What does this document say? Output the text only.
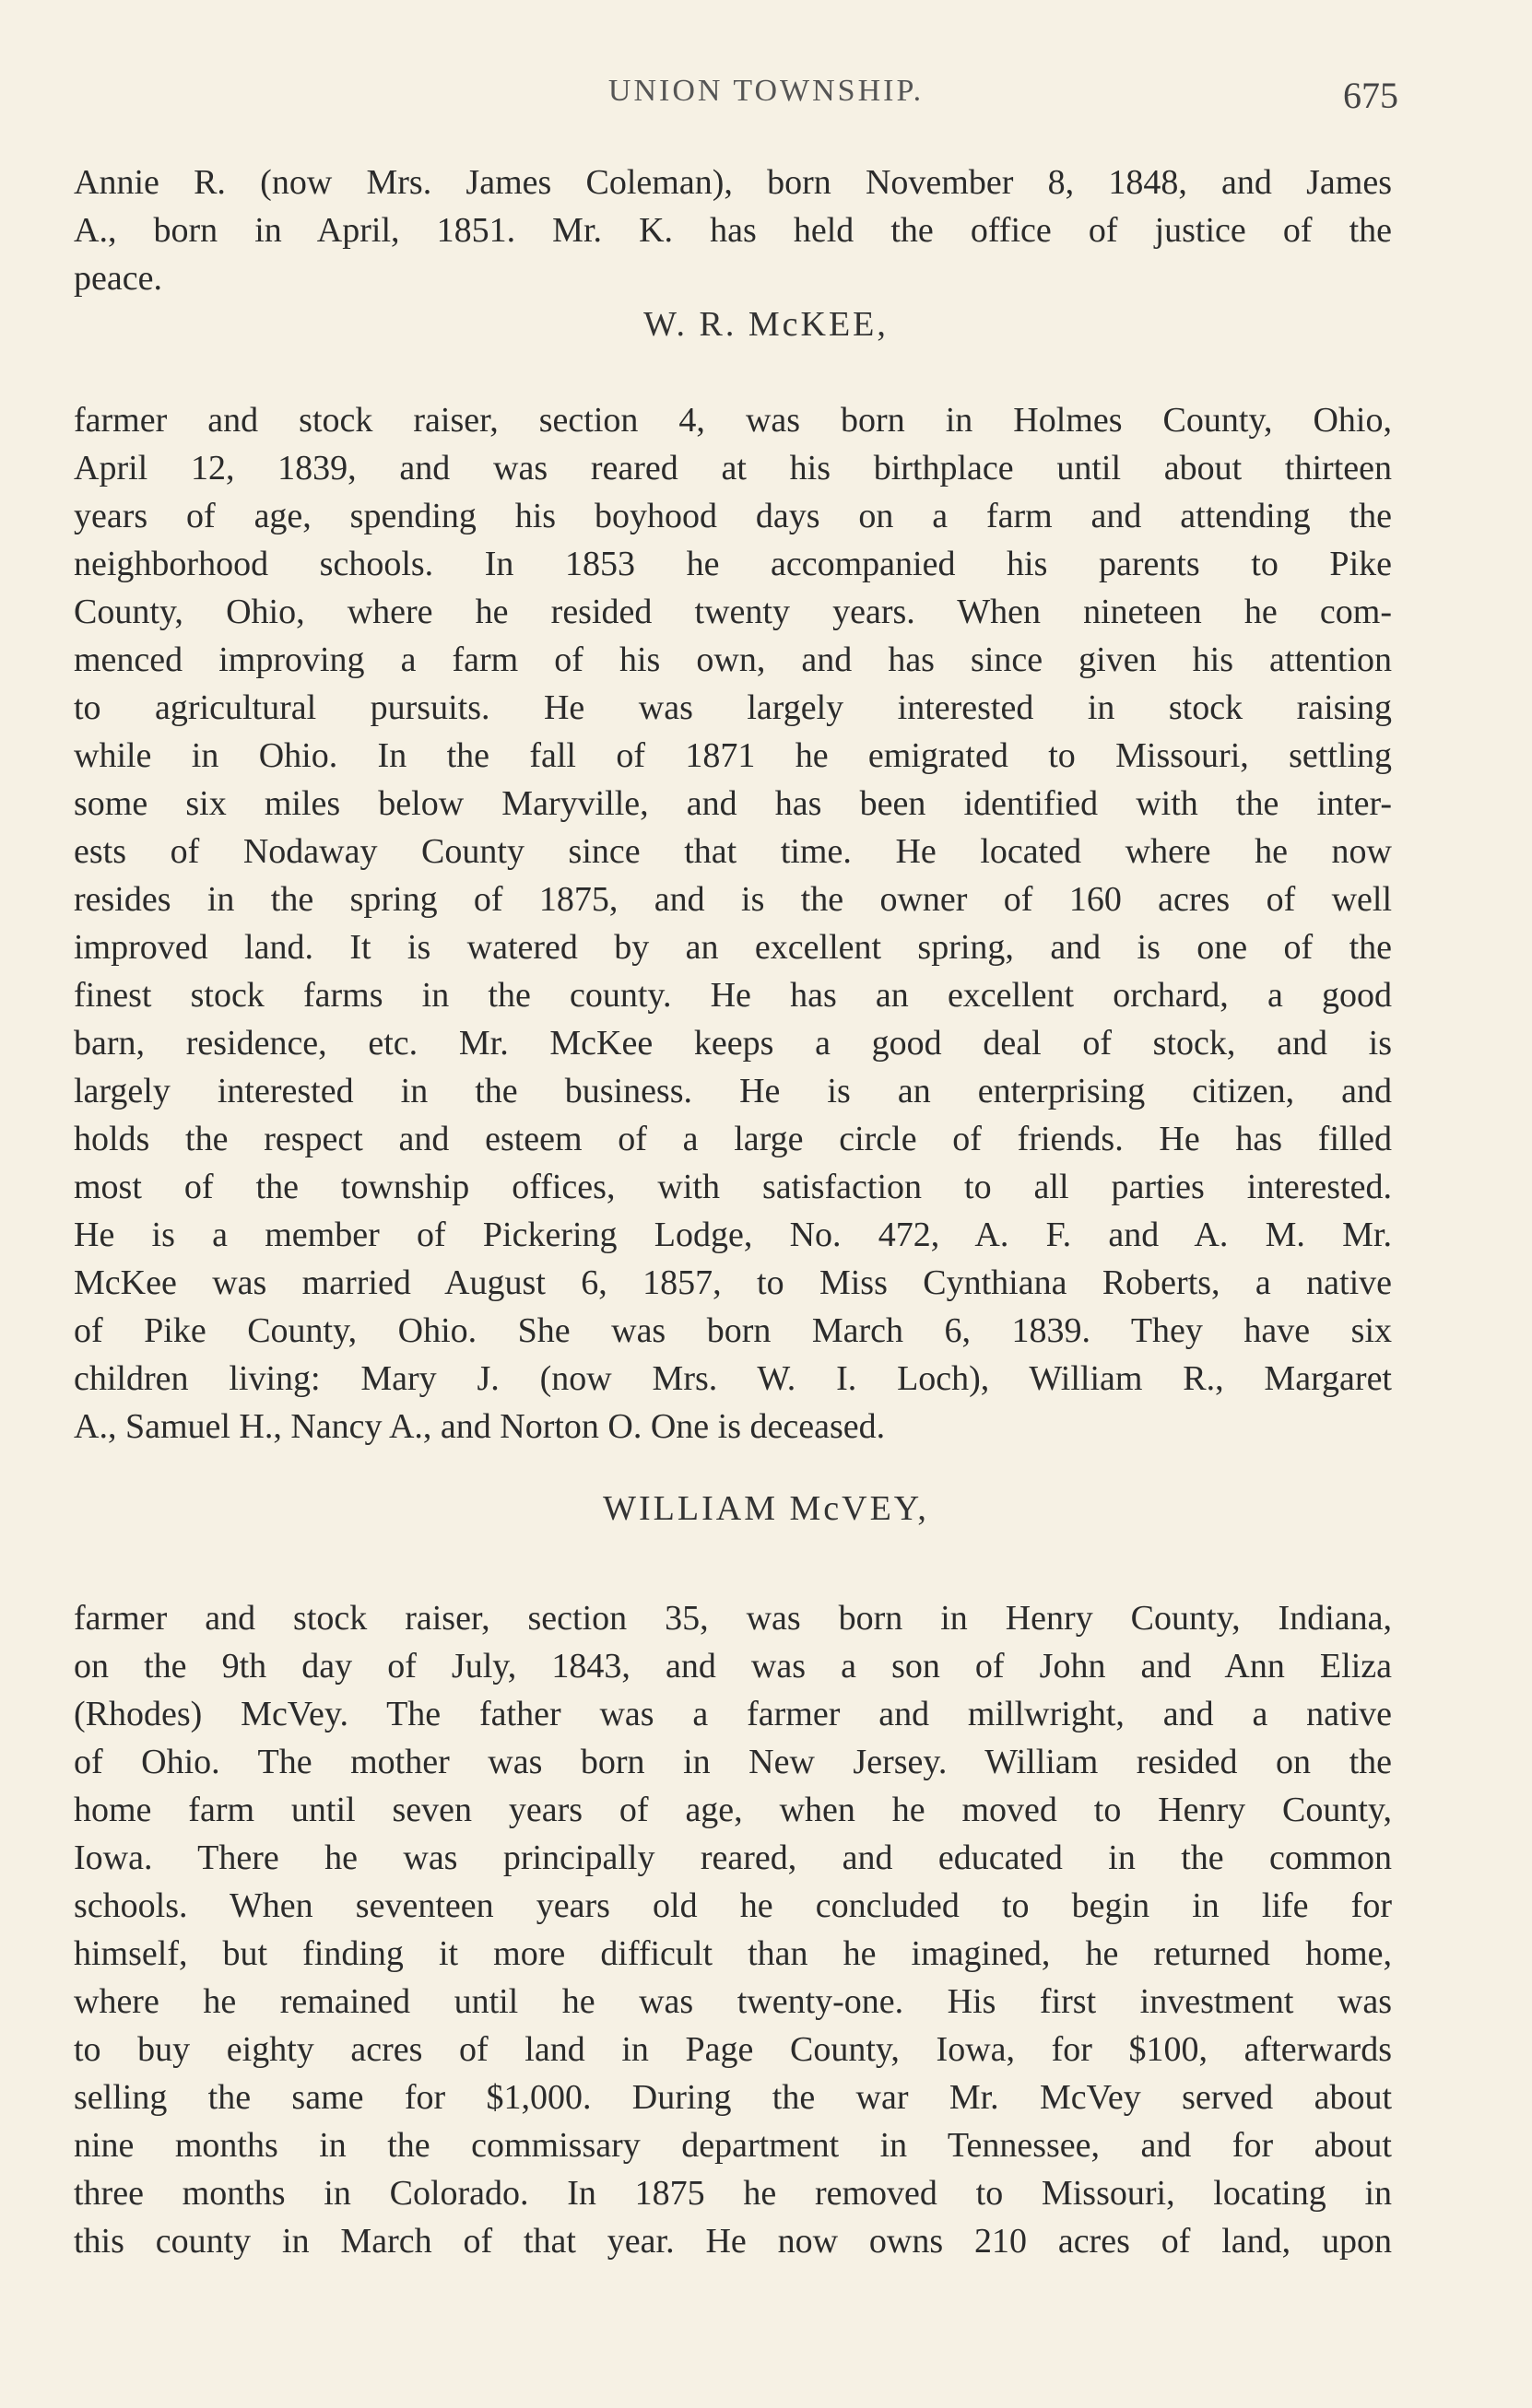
UNION TOWNSHIP.	675
Annie R. (now Mrs. James Coleman), born November 8, 1848, and James
A., born in April, 1851. Mr. K. has held the office of justice of the
peace.
W. R. McKEE,
farmer and stock raiser, section 4, was born in Holmes County, Ohio,
April 12, 1839, and was reared at his birthplace until about thirteen
years of age, spending his boyhood days on a farm and attending the
neighborhood schools. In 1853 he accompanied his parents to Pike
County, Ohio, where he resided twenty years. When nineteen he com-
menced improving a farm of his own, and has since given his attention
to agricultural pursuits. He was largely interested in stock raising
while in Ohio. In the fall of 1871 he emigrated to Missouri, settling
some six miles below Maryville, and has been identified with the inter-
ests of Nodaway County since that time. He located where he now
resides in the spring of 1875, and is the owner of 160 acres of well
improved land. It is watered by an excellent spring, and is one of the
finest stock farms in the county. He has an excellent orchard, a good
barn, residence, etc. Mr. McKee keeps a good deal of stock, and is
largely interested in the business. He is an enterprising citizen, and
holds the respect and esteem of a large circle of friends. He has filled
most of the township offices, with satisfaction to all parties interested.
He is a member of Pickering Lodge, No. 472, A. F. and A. M. Mr.
McKee was married August 6, 1857, to Miss Cynthiana Roberts, a native
of Pike County, Ohio. She was born March 6, 1839. They have six
children living: Mary J. (now Mrs. W. I. Loch), William R., Margaret
A., Samuel H., Nancy A., and Norton O. One is deceased.
WILLIAM McVEY,
farmer and stock raiser, section 35, was born in Henry County, Indiana,
on the 9th day of July, 1843, and was a son of John and Ann Eliza
(Rhodes) McVey. The father was a farmer and millwright, and a native
of Ohio. The mother was born in New Jersey. William resided on the
home farm until seven years of age, when he moved to Henry County,
Iowa. There he was principally reared, and educated in the common
schools. When seventeen years old he concluded to begin in life for
himself, but finding it more difficult than he imagined, he returned home,
where he remained until he was twenty-one. His first investment was
to buy eighty acres of land in Page County, Iowa, for $100, afterwards
selling the same for $1,000. During the war Mr. McVey served about
nine months in the commissary department in Tennessee, and for about
three months in Colorado. In 1875 he removed to Missouri, locating in
this county in March of that year. He now owns 210 acres of land, upon
